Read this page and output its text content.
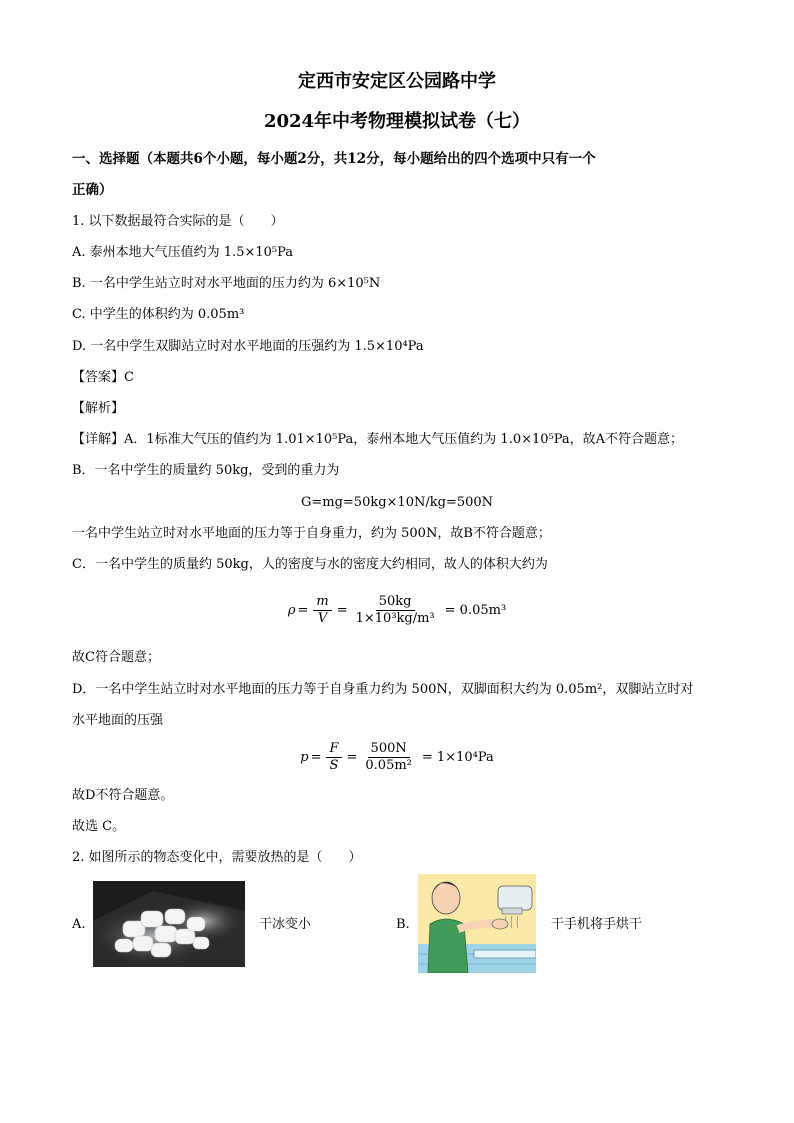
定西市安定区公园路中学
2024年中考物理模拟试卷（七）
一、选择题（本题共6个小题，每小题2分，共12分，每小题给出的四个选项中只有一个
正确）
1. 以下数据最符合实际的是（　　）
A. 泰州本地大气压值约为 1.5×10⁵Pa
B. 一名中学生站立时对水平地面的压力约为 6×10⁵N
C. 中学生的体积约为 0.05m³
D. 一名中学生双脚站立时对水平地面的压强约为 1.5×10⁴Pa
【答案】C
【解析】
【详解】A．1标准大气压的值约为 1.01×10⁵Pa，泰州本地大气压值约为 1.0×10⁵Pa，故A不符合题意；
B．一名中学生的质量约 50kg，受到的重力为
G=mg=50kg×10N/kg=500N
一名中学生站立时对水平地面的压力等于自身重力，约为 500N，故B不符合题意；
C．一名中学生的质量约 50kg，人的密度与水的密度大约相同，故人的体积大约为
$\rho = \frac{m}{V} = \frac{50kg}{\text{1×10³kg/m³}} = 0.05m^3$
故C符合题意；
D．一名中学生站立时对水平地面的压力等于自身重力约为 500N，双脚面积大约为 0.05m²，双脚站立时对
水平地面的压强
$p = \frac{F}{S} = \frac{500N}{\text{0.05m²}} = 1\times 10^4Pa$
故D不符合题意。
故选 C。
2. 如图所示的物态变化中，需要放热的是（　　）
A.	干冰变小	B.	干手机将手烘干
